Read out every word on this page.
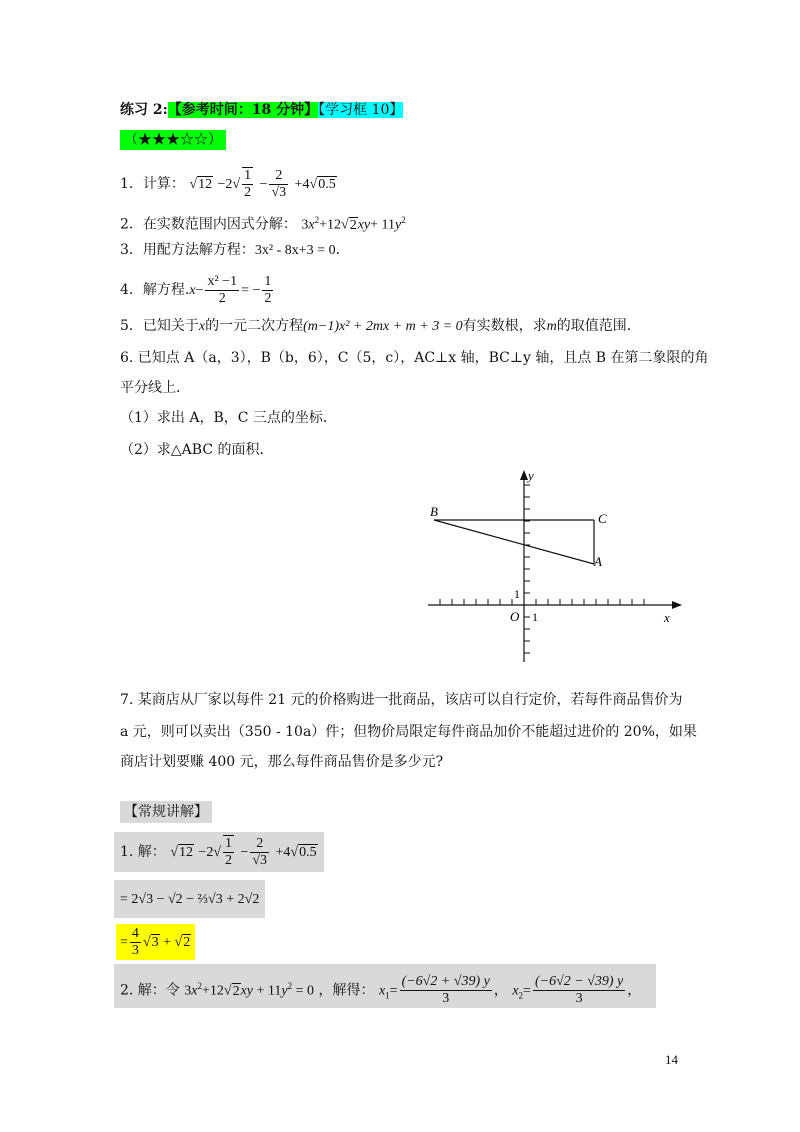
练习 2:【参考时间：18 分钟】【学习框 10】
（★★★☆☆）
1．计算： $√12 -2√ \frac{1}{2} - \frac{2}{√3} +4√0.5$
2．在实数范围内因式分解： $3x^2+12√2xy+ 11y^2$
3．用配方法解方程：3x² - 8x+3 = 0．
4．解方程$.x- \frac{\text{x² −1}}{2}$ = − $\frac{1}{2}$
5．已知关于x的一元二次方程(m−1)x² + 2mx + m + 3 = 0有实数根，求m的取值范围．
6. 已知点 A（a，3），B（b，6），C（5，c），AC⊥x 轴，BC⊥y 轴，且点 B 在第二象限的角
平分线上．
（1）求出 A，B，C 三点的坐标．
（2）求△ABC 的面积．
B	C
A
O 1
1
x
y
7. 某商店从厂家以每件 21 元的价格购进一批商品，该店可以自行定价，若每件商品售价为
a 元，则可以卖出（350 - 10a）件；但物价局限定每件商品加价不能超过进价的 20%，如果
商店计划要赚 400 元，那么每件商品售价是多少元?
【常规讲解】
1. 解： $√12 -2√ \frac{1}{2} - \frac{2}{√3} +4√0.5$
= 2√3 − √2 − ⅔√3 + 2√2
= $\frac{4}{3} √3 + √2$
2. 解：令 $3x^2+12√2xy + 11y^2 = 0$ ，解得： $x_1= \frac{(-6√2 + √39) y}{3}$ ， $x_2= \frac{(-6√2 - √39) y}{3}$ ，
14
